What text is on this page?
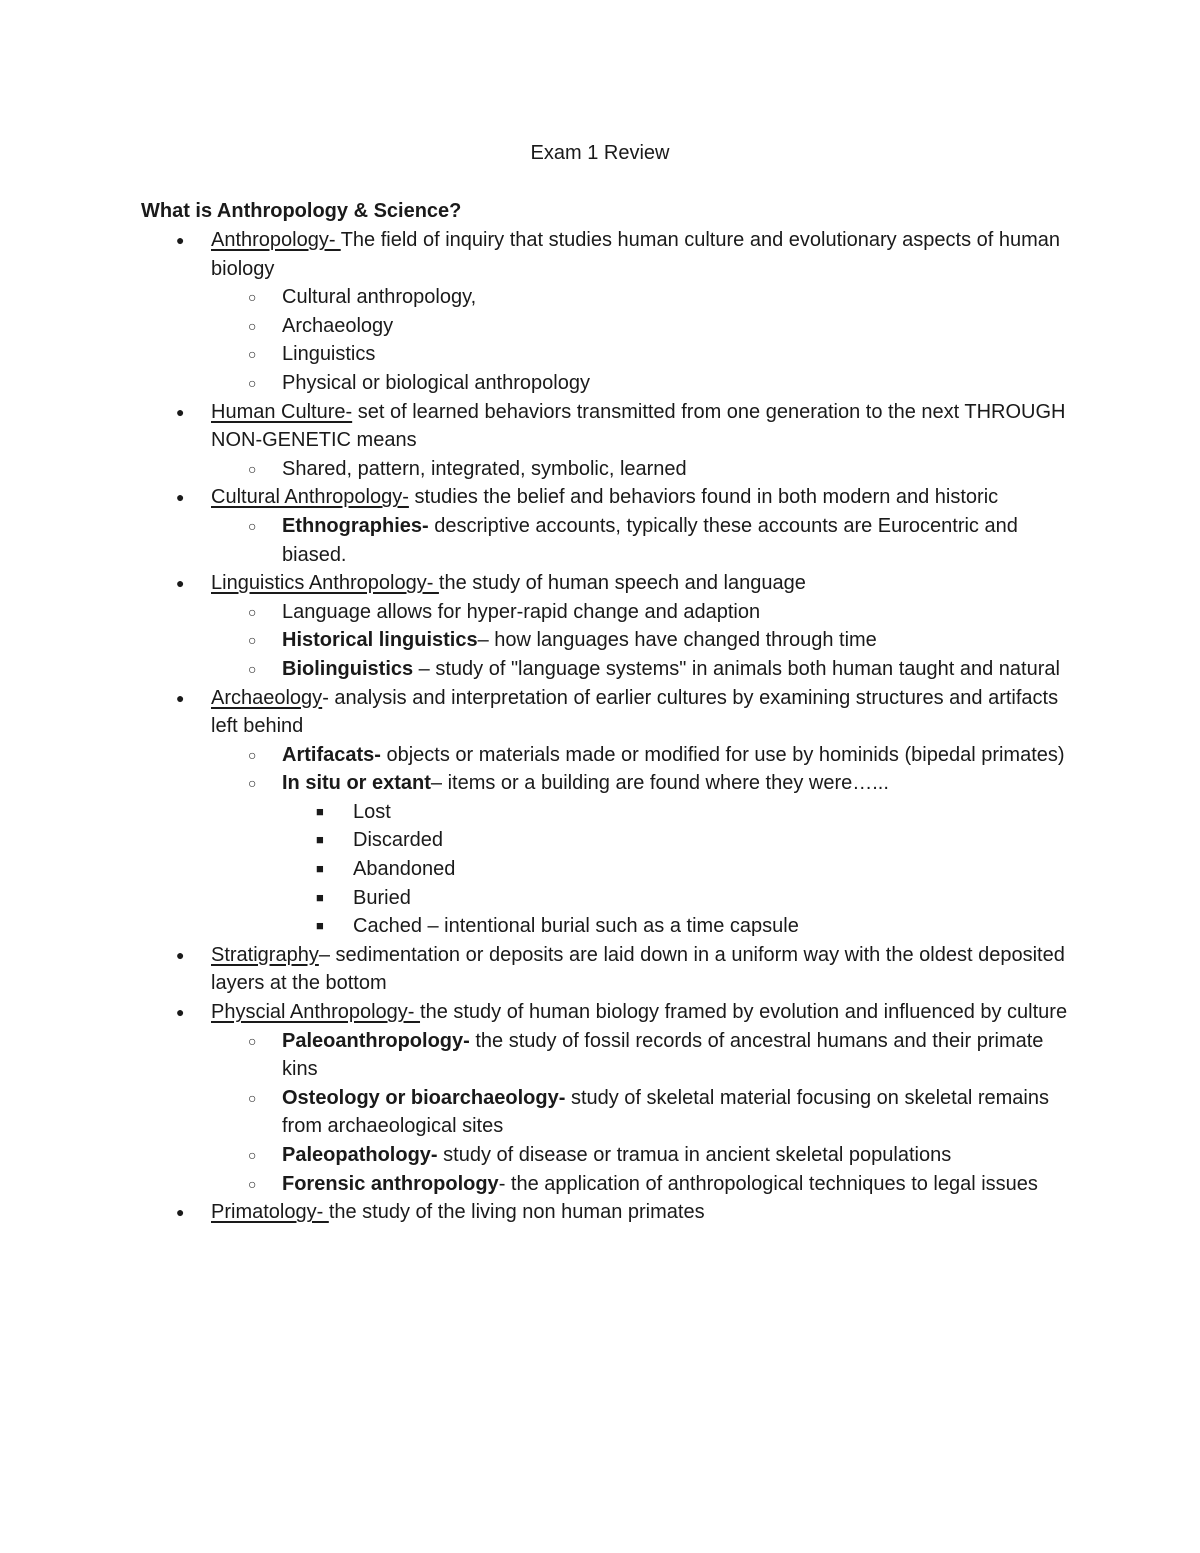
Exam 1 Review
What is Anthropology & Science?
● Anthropology- The field of inquiry that studies human culture and evolutionary aspects of human biology
○ Cultural anthropology,
○ Archaeology
○ Linguistics
○ Physical or biological anthropology
● Human Culture- set of learned behaviors transmitted from one generation to the next THROUGH NON-GENETIC means
○ Shared, pattern, integrated, symbolic, learned
● Cultural Anthropology- studies the belief and behaviors found in both modern and historic
○ Ethnographies- descriptive accounts, typically these accounts are Eurocentric and biased.
● Linguistics Anthropology- the study of human speech and language
○ Language allows for hyper-rapid change and adaption
○ Historical linguistics– how languages have changed through time
○ Biolinguistics – study of "language systems" in animals both human taught and natural
● Archaeology- analysis and interpretation of earlier cultures by examining structures and artifacts left behind
○ Artifacats- objects or materials made or modified for use by hominids (bipedal primates)
○ In situ or extant– items or a building are found where they were…...
■ Lost
■ Discarded
■ Abandoned
■ Buried
■ Cached – intentional burial such as a time capsule
● Stratigraphy– sedimentation or deposits are laid down in a uniform way with the oldest deposited layers at the bottom
● Physcial Anthropology- the study of human biology framed by evolution and influenced by culture
○ Paleoanthropology- the study of fossil records of ancestral humans and their primate kins
○ Osteology or bioarchaeology- study of skeletal material focusing on skeletal remains from archaeological sites
○ Paleopathology- study of disease or tramua in ancient skeletal populations
○ Forensic anthropology- the application of anthropological techniques to legal issues
● Primatology- the study of the living non human primates
